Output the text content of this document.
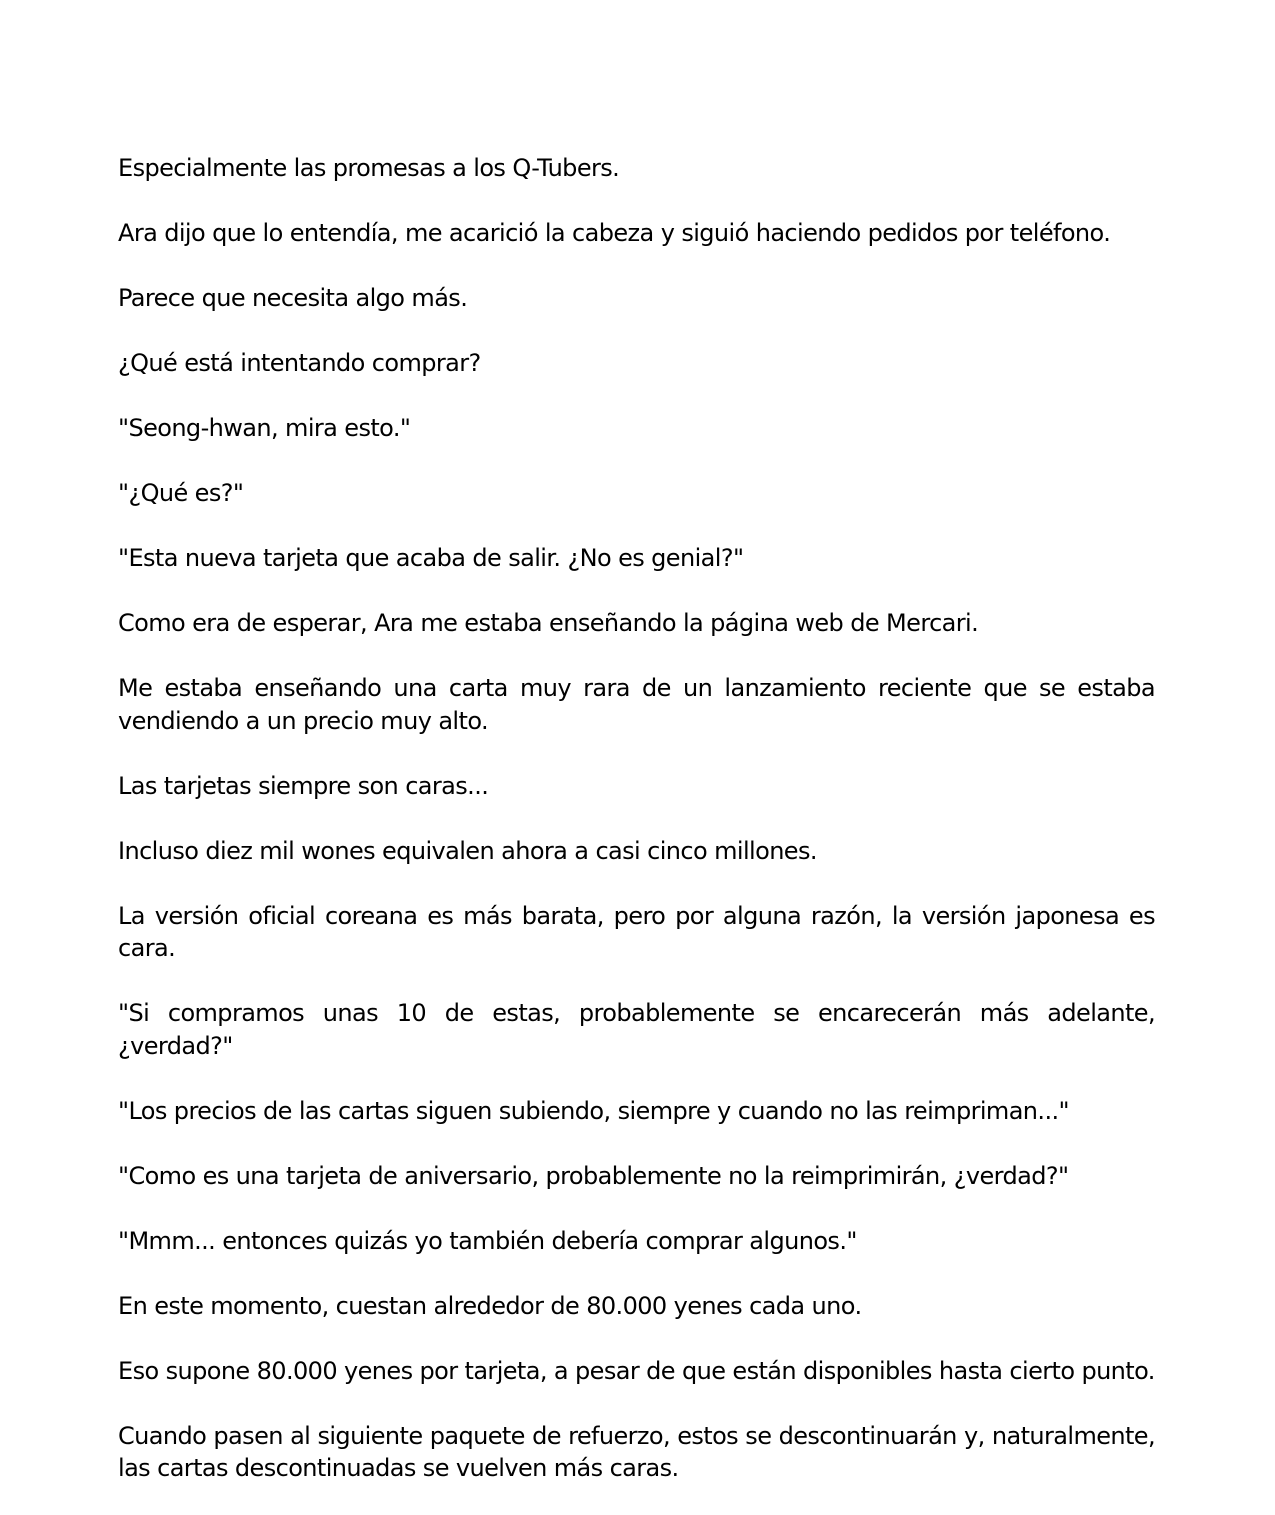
Especialmente las promesas a los Q-Tubers.

Ara dijo que lo entendía, me acarició la cabeza y siguió haciendo pedidos por teléfono.

Parece que necesita algo más.

¿Qué está intentando comprar?

"Seong-hwan, mira esto."

"¿Qué es?"

"Esta nueva tarjeta que acaba de salir. ¿No es genial?"

Como era de esperar, Ara me estaba enseñando la página web de Mercari.

Me estaba enseñando una carta muy rara de un lanzamiento reciente que se estaba vendiendo a un precio muy alto.

Las tarjetas siempre son caras...

Incluso diez mil wones equivalen ahora a casi cinco millones.

La versión oficial coreana es más barata, pero por alguna razón, la versión japonesa es cara.

"Si compramos unas 10 de estas, probablemente se encarecerán más adelante, ¿verdad?"

"Los precios de las cartas siguen subiendo, siempre y cuando no las reimpriman..."

"Como es una tarjeta de aniversario, probablemente no la reimprimirán, ¿verdad?"

"Mmm... entonces quizás yo también debería comprar algunos."

En este momento, cuestan alrededor de 80.000 yenes cada uno.

Eso supone 80.000 yenes por tarjeta, a pesar de que están disponibles hasta cierto punto.

Cuando pasen al siguiente paquete de refuerzo, estos se descontinuarán y, naturalmente, las cartas descontinuadas se vuelven más caras.
